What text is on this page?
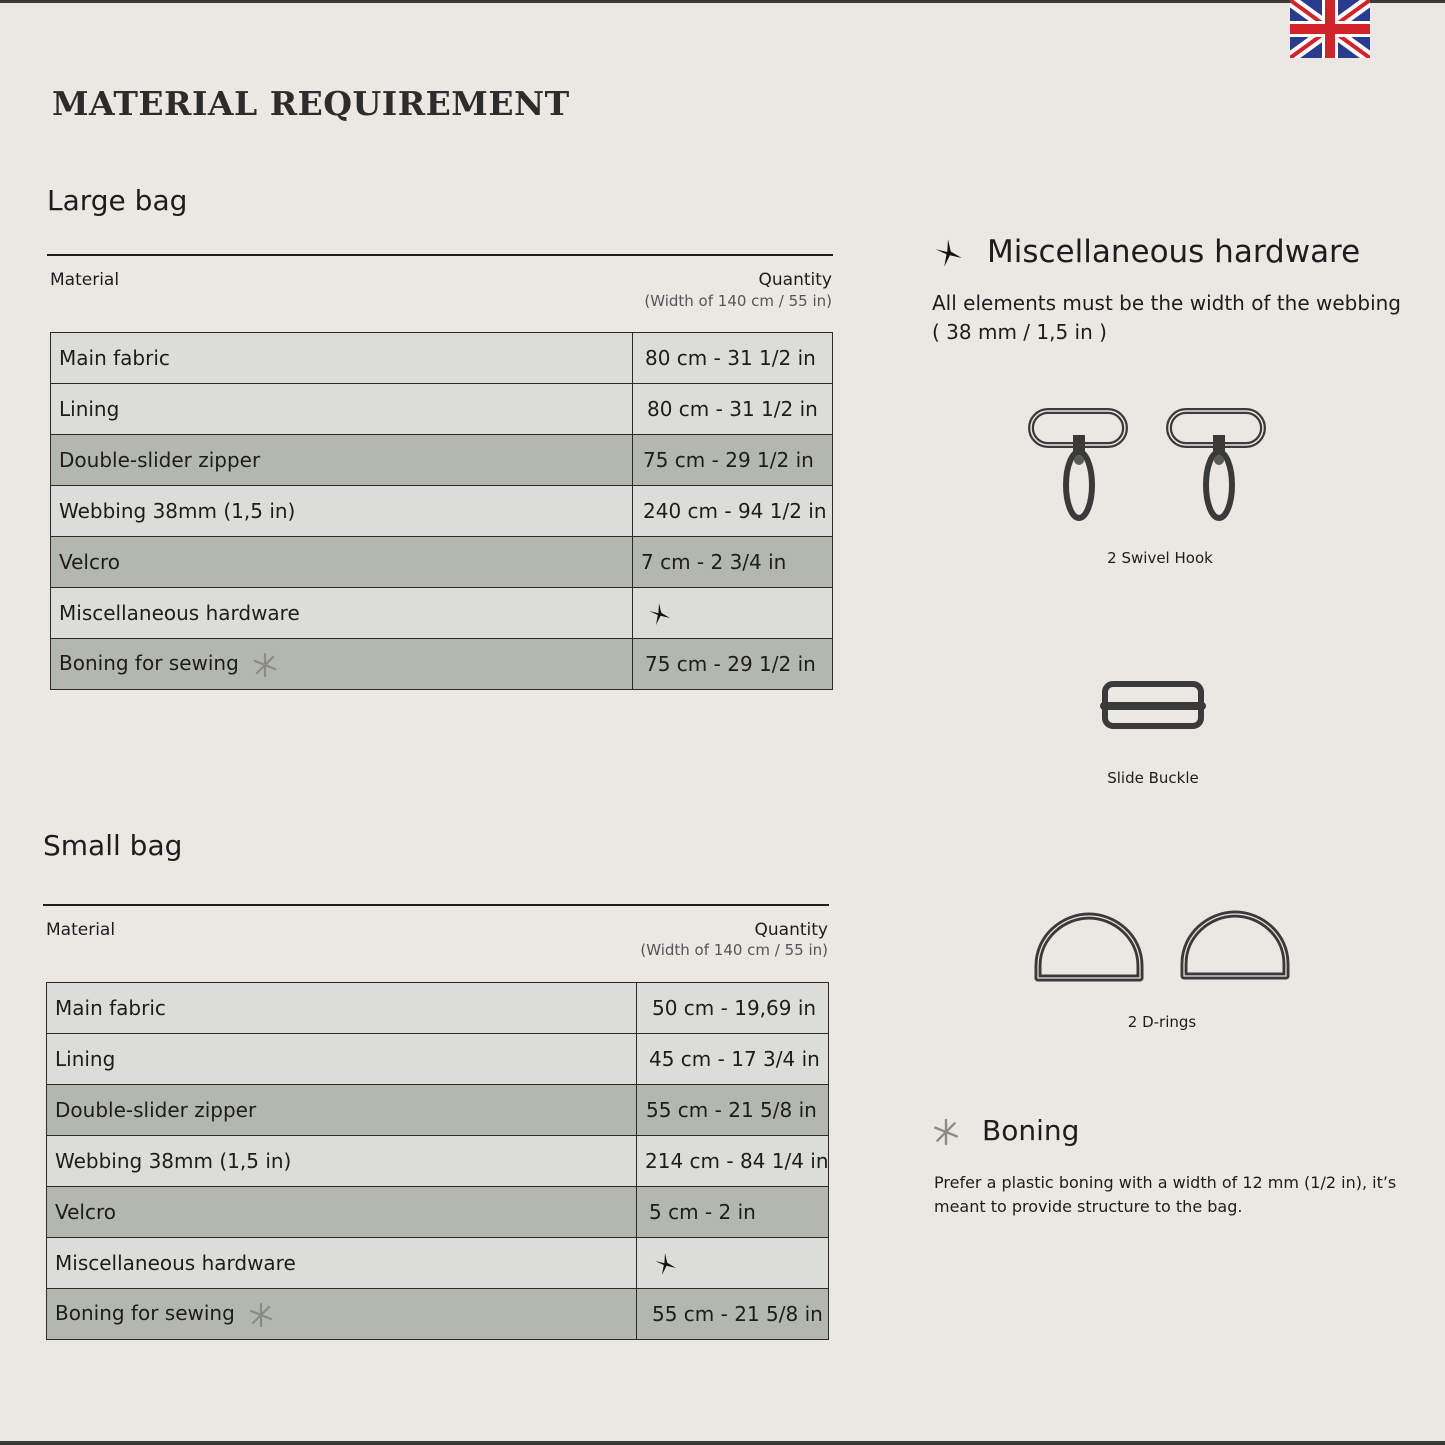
MATERIAL REQUIREMENT
Large bag
Material	Quantity
(Width of 140 cm / 55 in)
Main fabric	80 cm - 31 1/2 in
Lining	80 cm - 31 1/2 in
Double-slider zipper	75 cm - 29 1/2 in
Webbing 38mm (1,5 in)	240 cm - 94 1/2 in
Velcro	7 cm - 2 3/4 in
Miscellaneous hardware	
Boning for sewing	75 cm - 29 1/2 in
Small bag
Material	Quantity
(Width of 140 cm / 55 in)
Main fabric	50 cm - 19,69 in
Lining	45 cm - 17 3/4 in
Double-slider zipper	55 cm - 21 5/8 in
Webbing 38mm (1,5 in)	214 cm - 84 1/4 in
Velcro	5 cm - 2 in
Miscellaneous hardware	
Boning for sewing	55 cm - 21 5/8 in
Miscellaneous hardware
All elements must be the width of the webbing
( 38 mm / 1,5 in )
2 Swivel Hook
Slide Buckle
2 D-rings
Boning
Prefer a plastic boning with a width of 12 mm (1/2 in), it’s
meant to provide structure to the bag.
